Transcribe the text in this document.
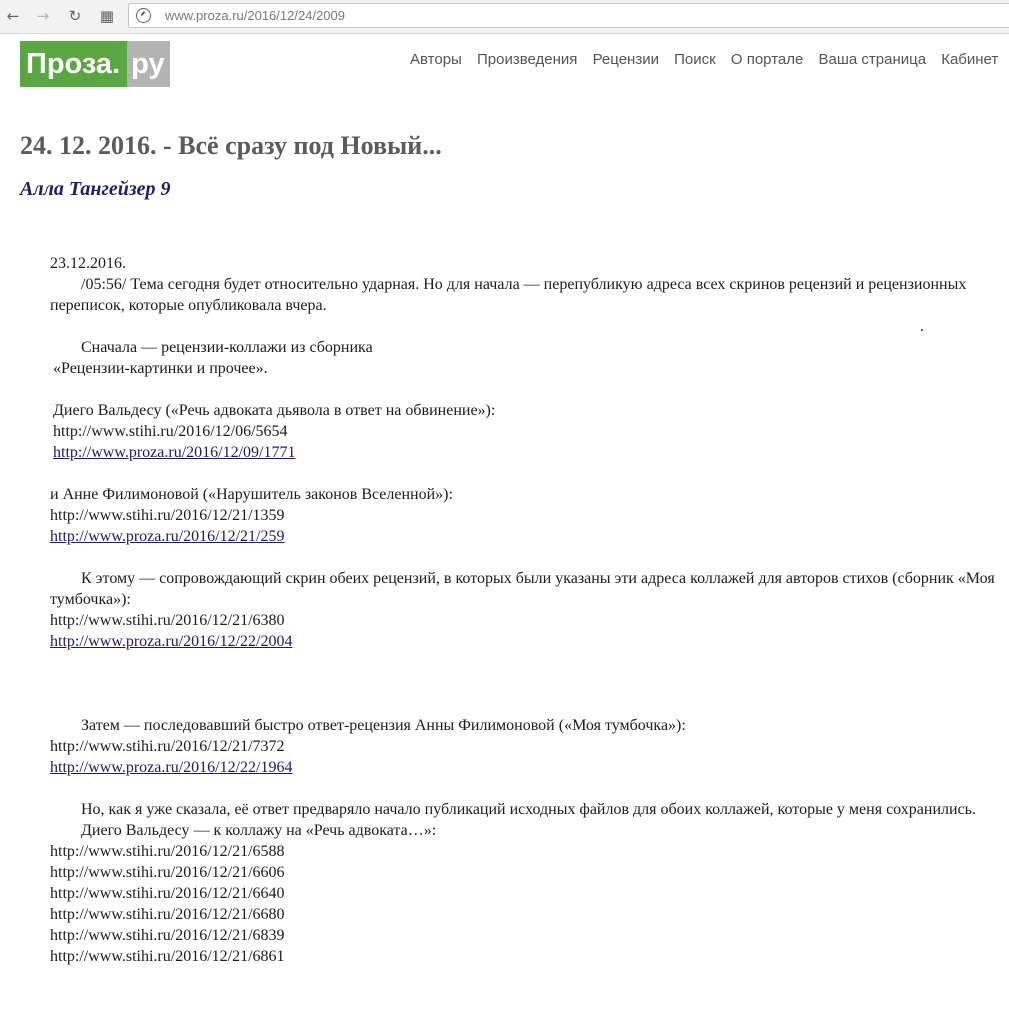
←	→	↻	▦	www.proza.ru/2016/12/24/2009
Проза. ру	Авторы Произведения Рецензии Поиск О портале Ваша страница Кабинет
24. 12. 2016. - Всё сразу под Новый...
Алла Тангейзер 9
23.12.2016.
/05:56/ Тема сегодня будет относительно ударная. Но для начала — перепубликую адреса всех скринов рецензий и рецензионных переписок, которые опубликовала вчера.
.
Сначала — рецензии-коллажи из сборника
«Рецензии-картинки и прочее».
Диего Вальдесу («Речь адвоката дьявола в ответ на обвинение»):
http://www.stihi.ru/2016/12/06/5654
http://www.proza.ru/2016/12/09/1771
и Анне Филимоновой («Нарушитель законов Вселенной»):
http://www.stihi.ru/2016/12/21/1359
http://www.proza.ru/2016/12/21/259
К этому — сопровождающий скрин обеих рецензий, в которых были указаны эти адреса коллажей для авторов стихов (сборник «Моя тумбочка»):
http://www.stihi.ru/2016/12/21/6380
http://www.proza.ru/2016/12/22/2004
Затем — последовавший быстро ответ-рецензия Анны Филимоновой («Моя тумбочка»):
http://www.stihi.ru/2016/12/21/7372
http://www.proza.ru/2016/12/22/1964
Но, как я уже сказала, её ответ предваряло начало публикаций исходных файлов для обоих коллажей, которые у меня сохранились.
Диего Вальдесу — к коллажу на «Речь адвоката…»:
http://www.stihi.ru/2016/12/21/6588
http://www.stihi.ru/2016/12/21/6606
http://www.stihi.ru/2016/12/21/6640
http://www.stihi.ru/2016/12/21/6680
http://www.stihi.ru/2016/12/21/6839
http://www.stihi.ru/2016/12/21/6861
